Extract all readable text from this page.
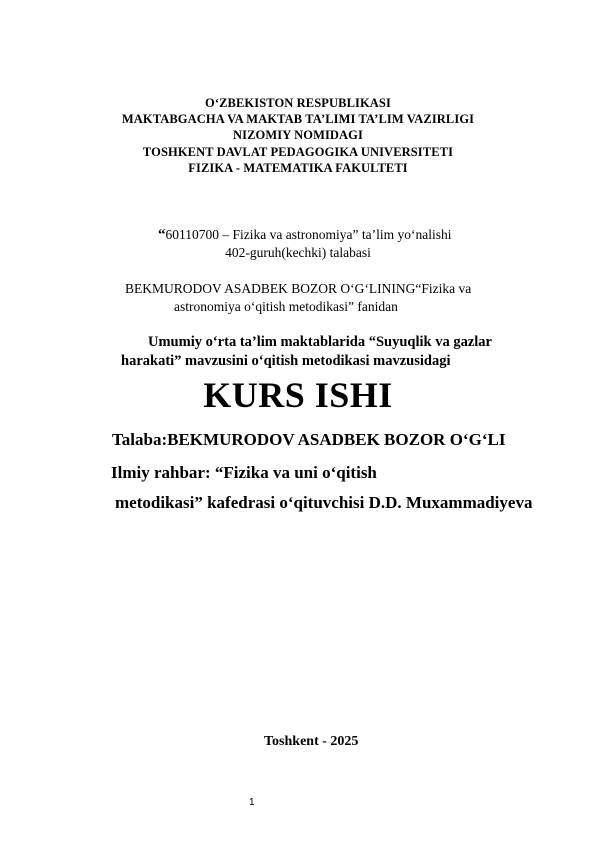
O‘ZBEKISTON RESPUBLIKASI

MAKTABGACHA VA MAKTAB TA’LIMI TA’LIM VAZIRLIGI

NIZOMIY NOMIDAGI

TOSHKENT DAVLAT PEDAGOGIKA UNIVERSITETI

FIZIKA - MATEMATIKA FAKULTETI

“60110700 – Fizika va astronomiya” ta’lim yo‘nalishi

402-guruh(kechki) talabasi

BEKMURODOV ASADBEK BOZOR O‘G‘LINING“Fizika va

astronomiya o‘qitish metodikasi” fanidan

Umumiy o‘rta ta’lim maktablarida “Suyuqlik va gazlar

harakati” mavzusini o‘qitish metodikasi mavzusidagi

KURS ISHI

Talaba:BEKMURODOV ASADBEK BOZOR O‘G‘LI

Ilmiy rahbar: “Fizika va uni o‘qitish

metodikasi” kafedrasi o‘qituvchisi D.D. Muxammadiyeva

Toshkent - 2025

1
